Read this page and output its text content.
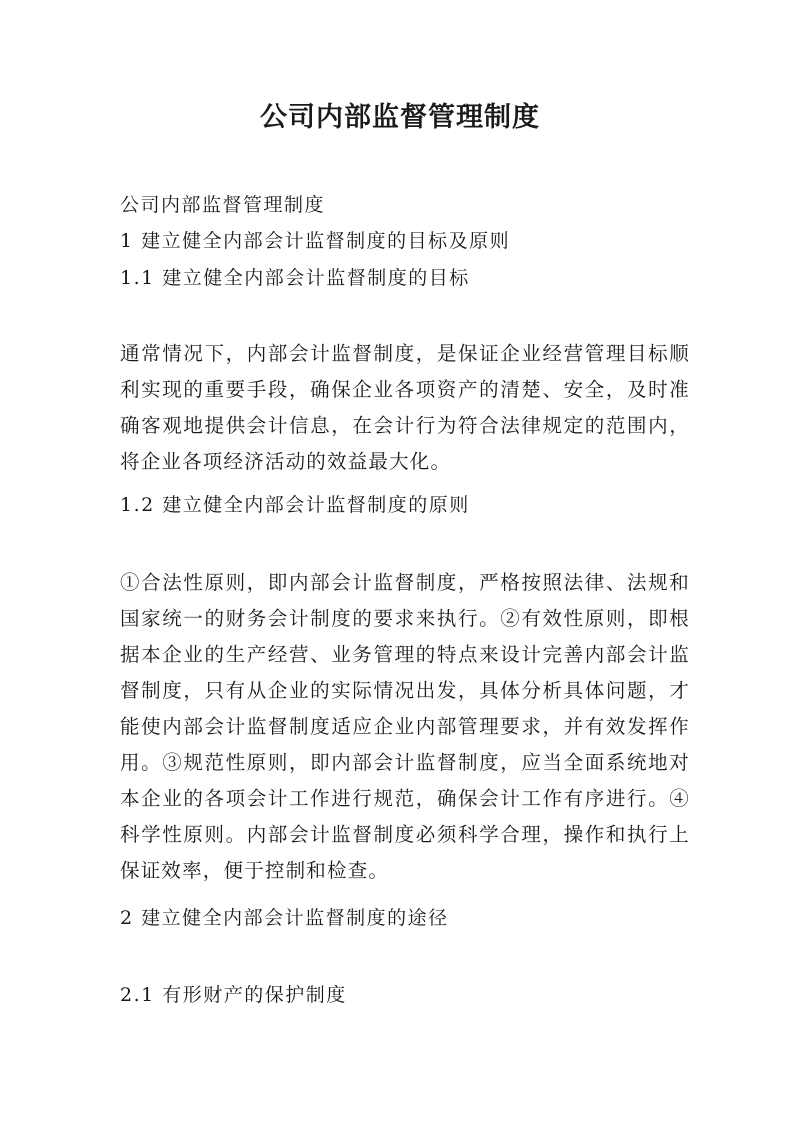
公司内部监督管理制度

公司内部监督管理制度

1 建立健全内部会计监督制度的目标及原则

1.1 建立健全内部会计监督制度的目标

通常情况下，内部会计监督制度，是保证企业经营管理目标顺利实现的重要手段，确保企业各项资产的清楚、安全，及时准确客观地提供会计信息，在会计行为符合法律规定的范围内，将企业各项经济活动的效益最大化。

1.2 建立健全内部会计监督制度的原则

①合法性原则，即内部会计监督制度，严格按照法律、法规和国家统一的财务会计制度的要求来执行。②有效性原则，即根据本企业的生产经营、业务管理的特点来设计完善内部会计监督制度，只有从企业的实际情况出发，具体分析具体问题，才能使内部会计监督制度适应企业内部管理要求，并有效发挥作用。③规范性原则，即内部会计监督制度，应当全面系统地对本企业的各项会计工作进行规范，确保会计工作有序进行。④科学性原则。内部会计监督制度必须科学合理，操作和执行上保证效率，便于控制和检查。

2 建立健全内部会计监督制度的途径

2.1 有形财产的保护制度
